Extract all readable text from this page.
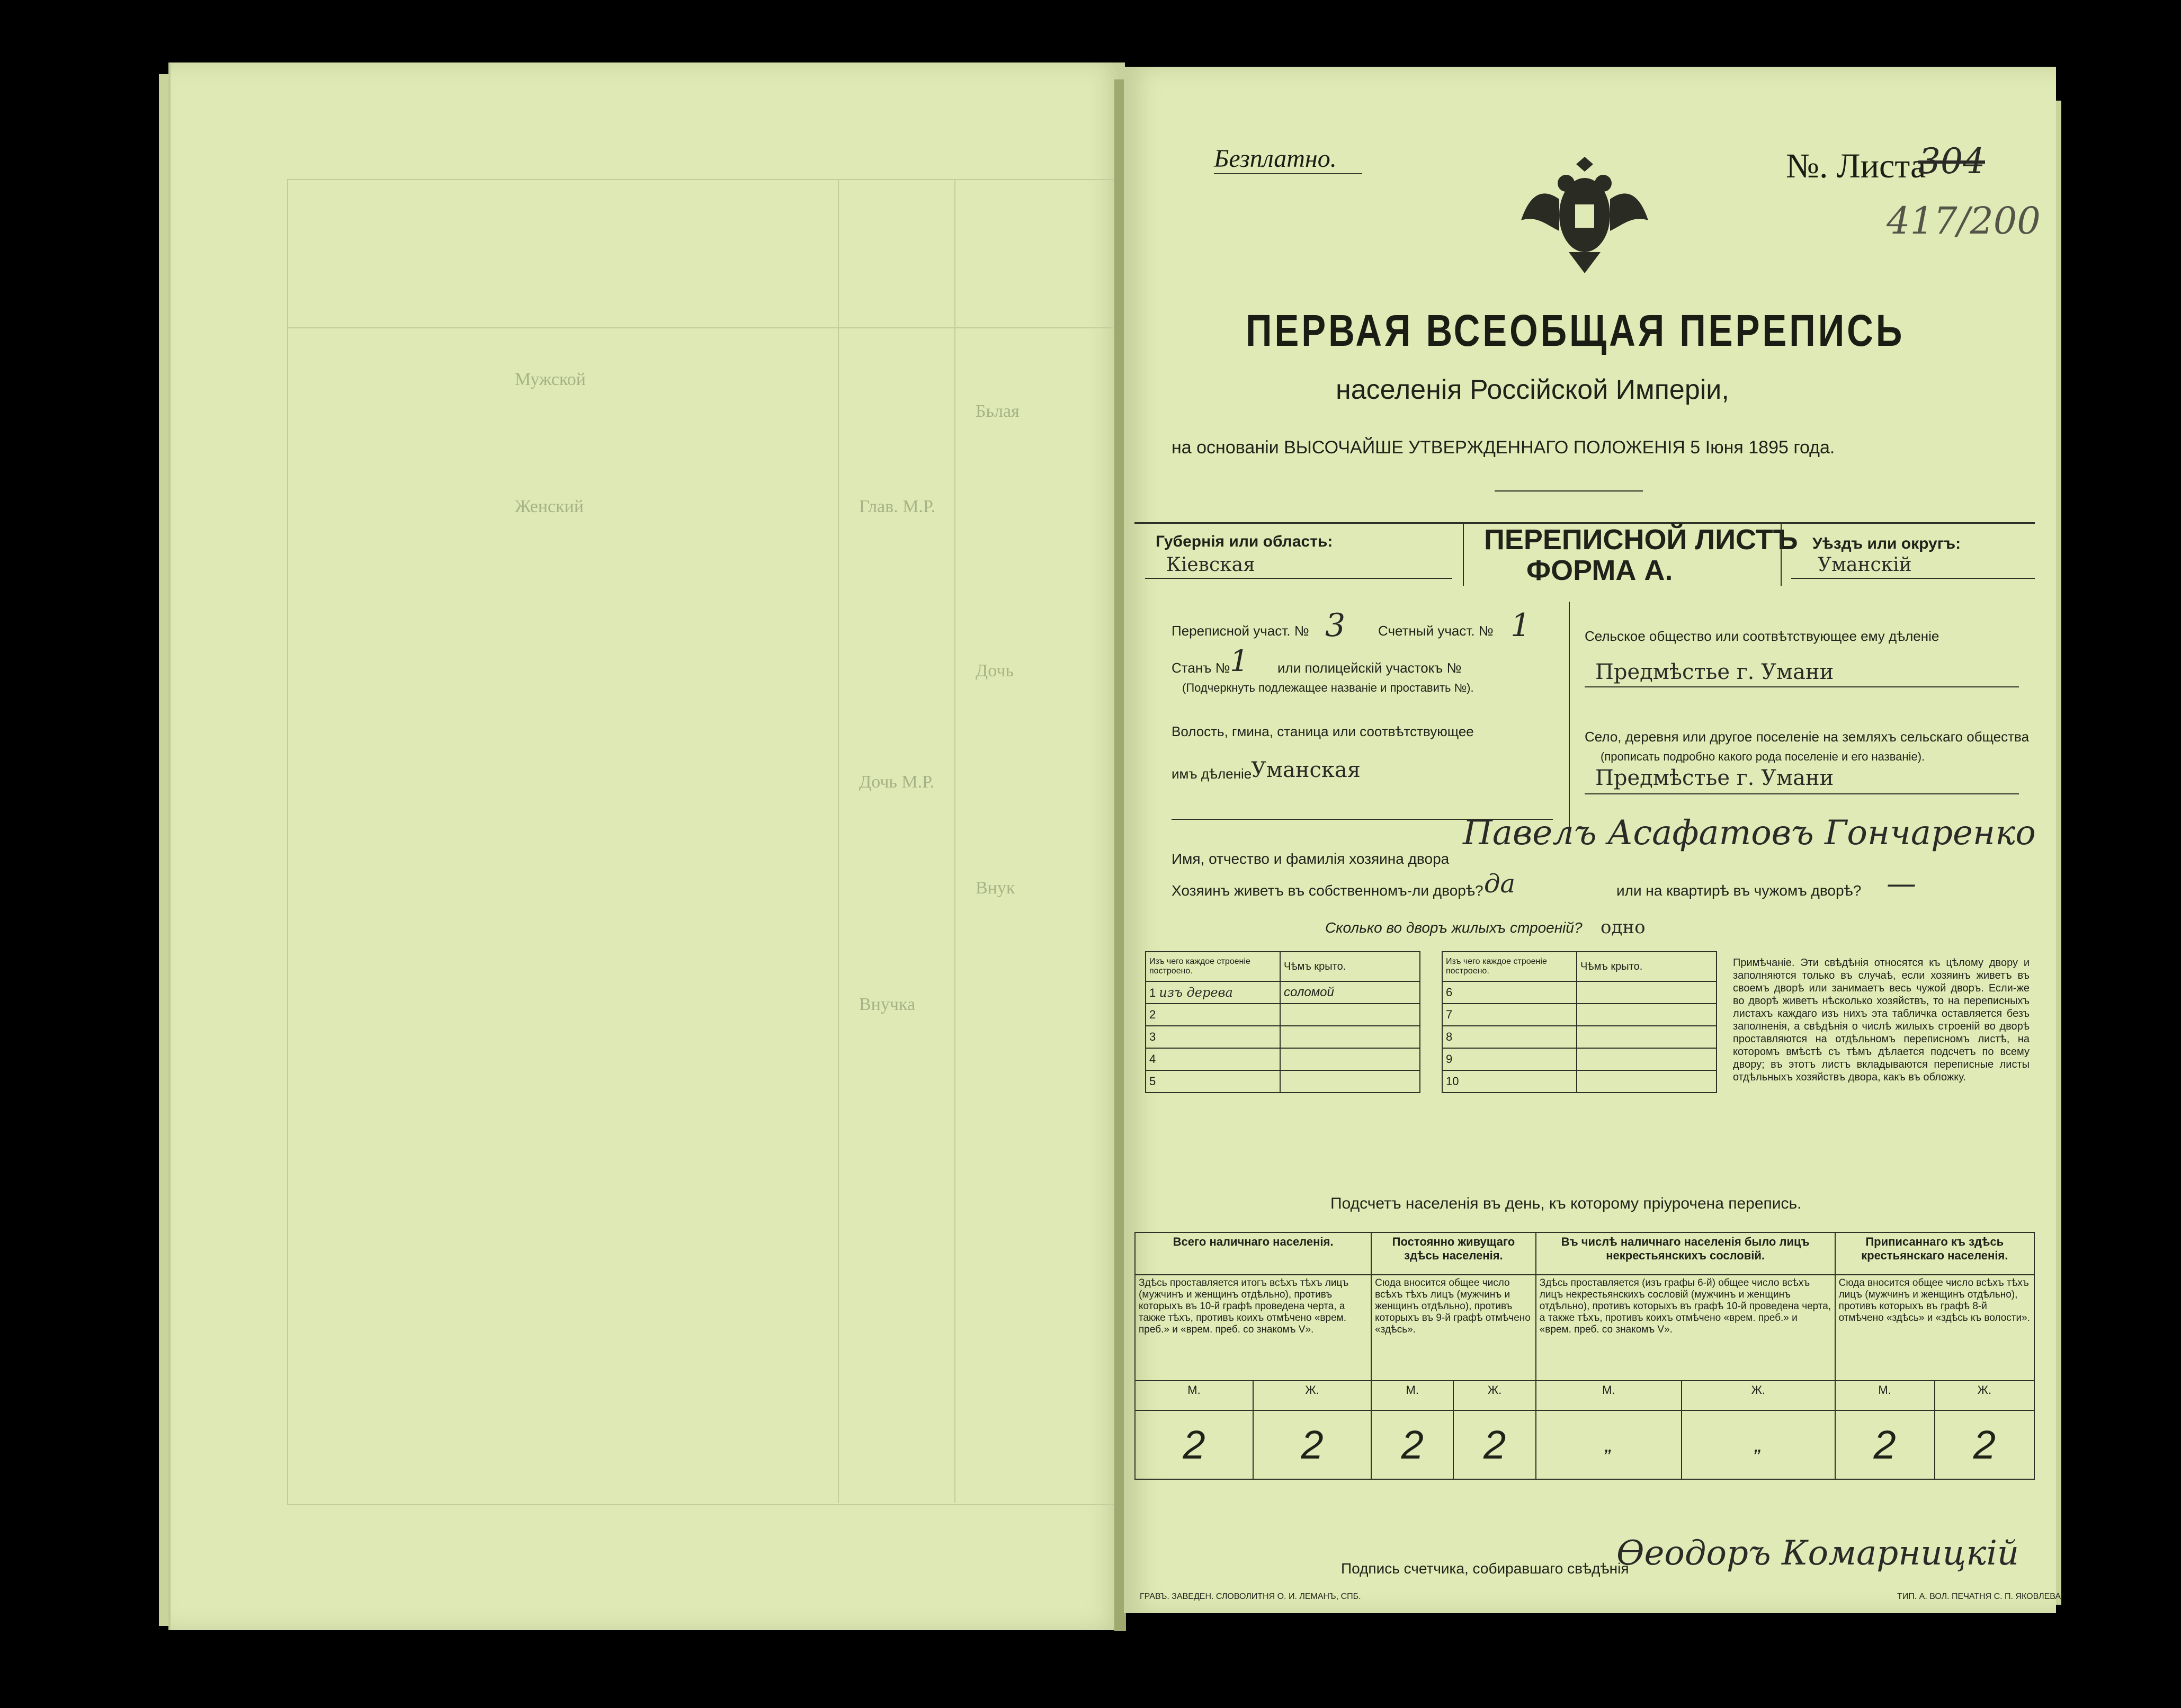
Мужской
Женский
Бьлая
Глав. М.Р.
Дочь
Дочь М.Р.
Внук
Внучка
Безплатно.	№. Листа
304
417/200
ПЕРВАЯ ВСЕОБЩАЯ ПЕРЕПИСЬ
населенія Россійской Имперіи,
на основаніи ВЫСОЧАЙШЕ УТВЕРЖДЕННАГО ПОЛОЖЕНІЯ 5 Іюня 1895 года.
Губернія или область:
Кіевская
ПЕРЕПИСНОЙ ЛИСТЪ
ФОРМА А.
Уѣздъ или округъ:
Уманскій
Переписной участ. № 3 Счетный участ. № 1
Станъ № 1 или полицейскій участокъ №
(Подчеркнуть подлежащее названіе и проставить №).
Волость, гмина, станица или соотвѣтствующее
имъ дѣленіе
Уманская
Сельское общество или соотвѣтствующее ему дѣленіе
Предмѣстье г. Умани
Село, деревня или другое поселеніе на земляхъ сельскаго общества
(прописать подробно какого рода поселеніе и его названіе).
Предмѣстье г. Умани
Имя, отчество и фамилія хозяина двора
Павелъ Асафатовъ Гончаренко
Хозяинъ живетъ въ собственномъ-ли дворѣ? да	или на квартирѣ въ чужомъ дворѣ? —
Сколько во дворъ жилыхъ строеній? одно
Изъ чего каждое строеніе построено.	Чѣмъ крыто.
1 изъ дерева	соломой
2	
3	
4	
5	
Изъ чего каждое строеніе построено.	Чѣмъ крыто.
6	
7	
8	
9	
10	
Примѣчаніе. Эти свѣдѣнія относятся къ цѣлому двору и заполняются только въ случаѣ, если хозяинъ живетъ въ своемъ дворѣ или занимаетъ весь чужой дворъ. Если-же во дворѣ живетъ нѣсколько хозяйствъ, то на переписныхъ листахъ каждаго изъ нихъ эта табличка оставляется безъ заполненія, а свѣдѣнія о числѣ жилыхъ строеній во дворѣ проставляются на отдѣльномъ переписномъ листѣ, на которомъ вмѣстѣ съ тѣмъ дѣлается подсчетъ по всему двору; въ этотъ листъ вкладываются переписные листы отдѣльныхъ хозяйствъ двора, какъ въ обложку.
Подсчетъ населенія въ день, къ которому пріурочена перепись.
Всего наличнаго населенія.		Постоянно живущаго здѣсь населенія.		Въ числѣ наличнаго населенія было лицъ некрестьянскихъ сословій.		Приписаннаго къ здѣсь крестьянскаго населенія.	
Здѣсь проставляется итогъ всѣхъ тѣхъ лицъ (мужчинъ и женщинъ отдѣльно), противъ которыхъ въ 10-й графѣ проведена черта, а также тѣхъ, противъ коихъ отмѣчено «врем. преб.» и «врем. преб. со знакомъ V».		Сюда вносится общее число всѣхъ тѣхъ лицъ (мужчинъ и женщинъ отдѣльно), противъ которыхъ въ 9-й графѣ отмѣчено «здѣсь».		Здѣсь проставляется (изъ графы 6-й) общее число всѣхъ лицъ некрестьянскихъ сословій (мужчинъ и женщинъ отдѣльно), противъ которыхъ въ графѣ 10-й проведена черта, а также тѣхъ, противъ коихъ отмѣчено «врем. преб.» и «врем. преб. со знакомъ V».		Сюда вносится общее число всѣхъ тѣхъ лицъ (мужчинъ и женщинъ отдѣльно), противъ которыхъ въ графѣ 8-й отмѣчено «здѣсь» и «здѣсь къ волости».	
М.	Ж.	М.	Ж.	М.	Ж.	М.	Ж.
2	2	2	2	„	„	2	2
Подпись счетчика, собиравшаго свѣдѣнія
Ѳеодоръ Комарницкій
ГРАВЪ. ЗАВЕДЕН. СЛОВОЛИТНЯ О. И. ЛЕМАНЪ, СПБ.	ТИП. А. ВОЛ. ПЕЧАТНЯ С. П. ЯКОВЛЕВА.
